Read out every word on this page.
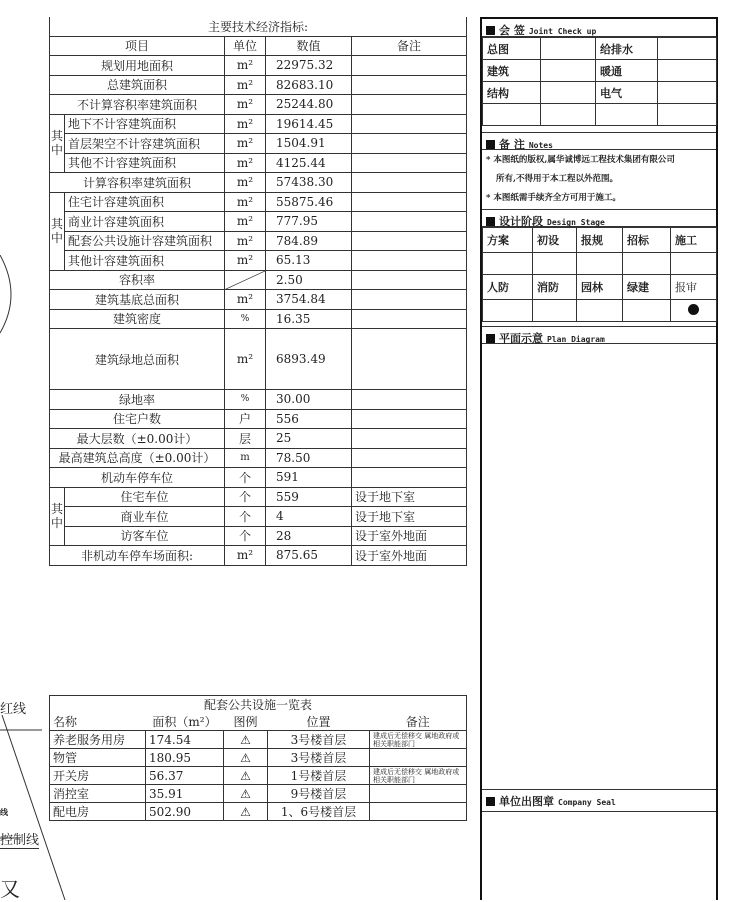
红线
线
控制线
又
主要技术经济指标:				
项目		单位	数值	备注
规划用地面积		m²	22975.32	
总建筑面积		m²	82683.10	
不计算容积率建筑面积		m²	25244.80	
其中	地下不计容建筑面积	m²	19614.45	
	首层架空不计容建筑面积	m²	1504.91	
	其他不计容建筑面积	m²	4125.44	
计算容积率建筑面积		m²	57438.30	
其中	住宅计容建筑面积	m²	55875.46	
	商业计容建筑面积	m²	777.95	
	配套公共设施计容建筑面积	m²	784.89	
	其他计容建筑面积	m²	65.13	
容积率			2.50	
建筑基底总面积		m²	3754.84	
建筑密度		%	16.35	
建筑绿地总面积		m²	6893.49	
绿地率		%	30.00	
住宅户数		户	556	
最大层数（±0.00计）		层	25	
最高建筑总高度（±0.00计）		m	78.50	
机动车停车位		个	591	
其中	住宅车位	个	559	设于地下室
	商业车位	个	4	设于地下室
	访客车位	个	28	设于室外地面
非机动车停车场面积:		m²	875.65	设于室外地面
配套公共设施一览表				
名称	面积（m²）	图例	位置	备注
养老服务用房	174.54	⚠	3号楼首层	建成后无偿移交 属地政府或相关职能部门
物管	180.95	⚠	3号楼首层	
开关房	56.37	⚠	1号楼首层	建成后无偿移交 属地政府或相关职能部门
消控室	35.91	⚠	9号楼首层	
配电房	502.90	⚠	1、6号楼首层	
会 签 Joint Check up
总图		给排水	
建筑		暖通	
结构		电气	

备 注 Notes
* 本图纸的版权,属华诚博远工程技术集团有限公司
所有,不得用于本工程以外范围。
* 本图纸需手续齐全方可用于施工。
设计阶段 Design Stage
方案	初设	报规	招标	施工

人防	消防	园林	绿建	报审

平面示意 Plan Diagram
单位出图章 Company Seal
